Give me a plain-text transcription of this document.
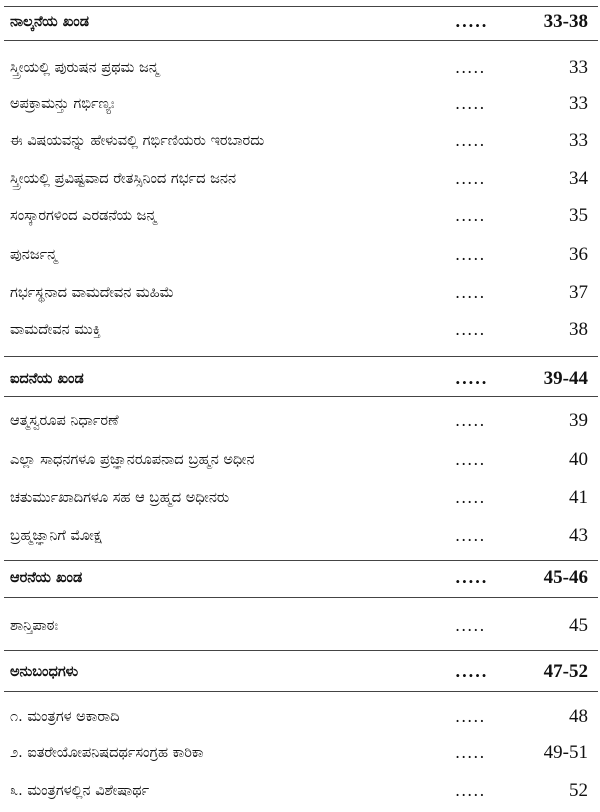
ನಾಲ್ಕನೆಯ ಖಂಡ	.....	33-38
ಸ್ತ್ರೀಯಲ್ಲಿ ಪುರುಷನ ಪ್ರಥಮ ಜನ್ಮ	.....	33
ಅಪಕ್ರಾಮನ್ತು ಗರ್ಭಿಣ್ಯಃ	.....	33
ಈ ವಿಷಯವನ್ನು ಹೇಳುವಲ್ಲಿ ಗರ್ಭಿಣಿಯರು ಇರಬಾರದು	.....	33
ಸ್ತ್ರೀಯಲ್ಲಿ ಪ್ರವಿಷ್ಟವಾದ ರೇತಸ್ಸಿನಿಂದ ಗರ್ಭದ ಜನನ	.....	34
ಸಂಸ್ಕಾರಗಳಿಂದ ಎರಡನೆಯ ಜನ್ಮ	.....	35
ಪುನರ್ಜನ್ಮ	.....	36
ಗರ್ಭಸ್ಥನಾದ ವಾಮದೇವನ ಮಹಿಮೆ	.....	37
ವಾಮದೇವನ ಮುಕ್ತಿ	.....	38
ಐದನೆಯ ಖಂಡ	.....	39-44
ಆತ್ಮಸ್ವರೂಪ ನಿರ್ಧಾರಣೆ	.....	39
ಎಲ್ಲಾ ಸಾಧನಗಳೂ ಪ್ರಜ್ಞಾನರೂಪನಾದ ಬ್ರಹ್ಮನ ಅಧೀನ	.....	40
ಚತುರ್ಮುಖಾದಿಗಳೂ ಸಹ ಆ ಬ್ರಹ್ಮದ ಅಧೀನರು	.....	41
ಬ್ರಹ್ಮಜ್ಞಾನಿಗೆ ಮೋಕ್ಷ	.....	43
ಆರನೆಯ ಖಂಡ	.....	45-46
ಶಾನ್ತಿಪಾಠಃ	.....	45
ಅನುಬಂಧಗಳು	.....	47-52
೧. ಮಂತ್ರಗಳ ಅಕಾರಾದಿ	.....	48
೨. ಐತರೇಯೋಪನಿಷದರ್ಥಸಂಗ್ರಹ ಕಾರಿಕಾ	.....	49-51
೩. ಮಂತ್ರಗಳಲ್ಲಿನ ವಿಶೇಷಾರ್ಥ	.....	52
